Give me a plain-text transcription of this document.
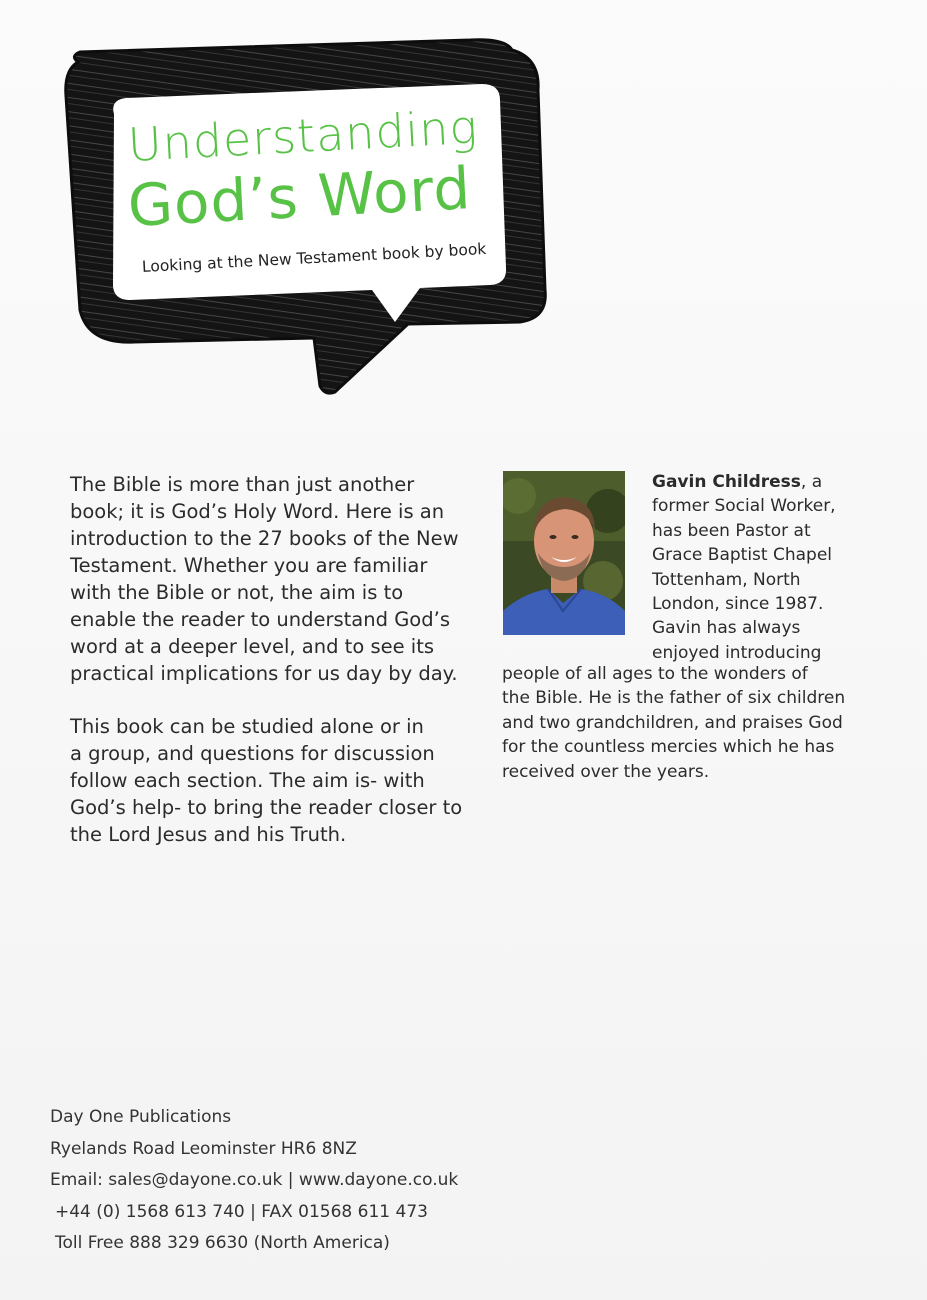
Understanding
God’s Word
Looking at the New Testament book by book

The Bible is more than just another

book; it is God’s Holy Word. Here is an

introduction to the 27 books of the New

Testament. Whether you are familiar

with the Bible or not, the aim is to

enable the reader to understand God’s

word at a deeper level, and to see its

practical implications for us day by day.

This book can be studied alone or in

a group, and questions for discussion

follow each section. The aim is- with

God’s help- to bring the reader closer to

the Lord Jesus and his Truth.

Gavin Childress, a

former Social Worker,

has been Pastor at

Grace Baptist Chapel

Tottenham, North

London, since 1987.

Gavin has always

enjoyed introducing

people of all ages to the wonders of

the Bible. He is the father of six children

and two grandchildren, and praises God

for the countless mercies which he has

received over the years.

Day One Publications

Ryelands Road Leominster HR6 8NZ

Email: sales@dayone.co.uk | www.dayone.co.uk

+44 (0) 1568 613 740 | FAX 01568 611 473

Toll Free 888 329 6630 (North America)
